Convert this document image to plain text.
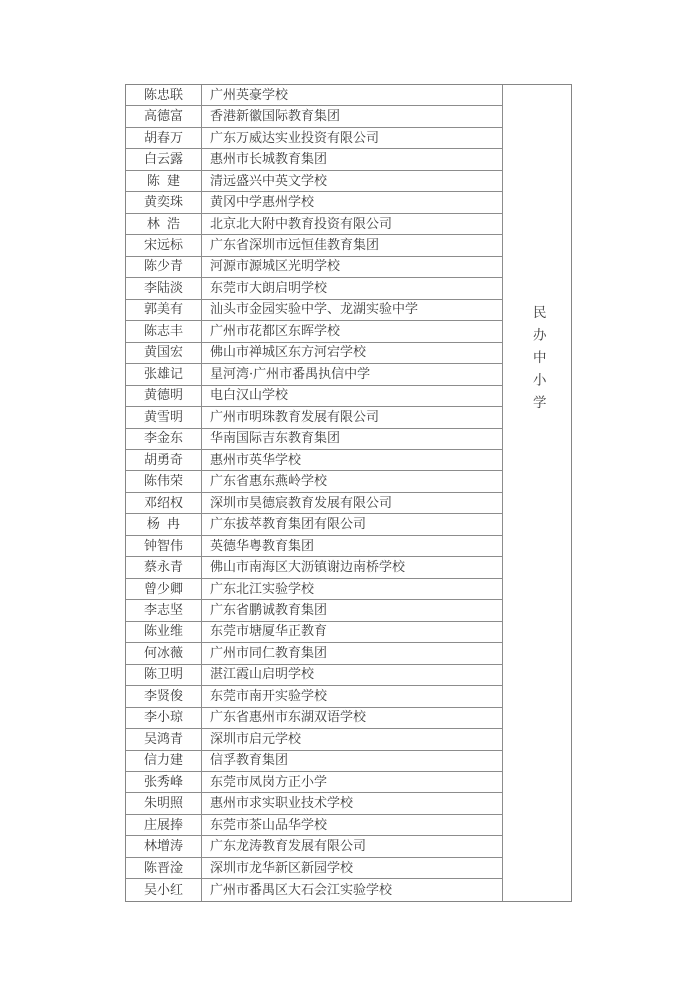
民办中小学
陈忠联	广州英豪学校
高德富	香港新徽国际教育集团
胡春万	广东万威达实业投资有限公司
白云露	惠州市长城教育集团
陈建	清远盛兴中英文学校
黄奕珠	黄冈中学惠州学校
林浩	北京北大附中教育投资有限公司
宋远标	广东省深圳市远恒佳教育集团
陈少青	河源市源城区光明学校
李陆淡	东莞市大朗启明学校
郭美有	汕头市金园实验中学、龙湖实验中学
陈志丰	广州市花都区东晖学校
黄国宏	佛山市禅城区东方河宕学校
张雄记	星河湾·广州市番禺执信中学
黄德明	电白汉山学校
黄雪明	广州市明珠教育发展有限公司
李金东	华南国际吉东教育集团
胡勇奇	惠州市英华学校
陈伟荣	广东省惠东燕岭学校
邓绍权	深圳市昊德宸教育发展有限公司
杨冉	广东拔萃教育集团有限公司
钟智伟	英德华粤教育集团
蔡永青	佛山市南海区大沥镇谢边南桥学校
曾少卿	广东北江实验学校
李志坚	广东省鹏诚教育集团
陈业维	东莞市塘厦华正教育
何冰薇	广州市同仁教育集团
陈卫明	湛江霞山启明学校
李贤俊	东莞市南开实验学校
李小琼	广东省惠州市东湖双语学校
吴鸿青	深圳市启元学校
信力建	信孚教育集团
张秀峰	东莞市凤岗方正小学
朱明照	惠州市求实职业技术学校
庄展捧	东莞市茶山品华学校
林增涛	广东龙涛教育发展有限公司
陈晋淦	深圳市龙华新区新园学校
吴小红	广州市番禺区大石会江实验学校
